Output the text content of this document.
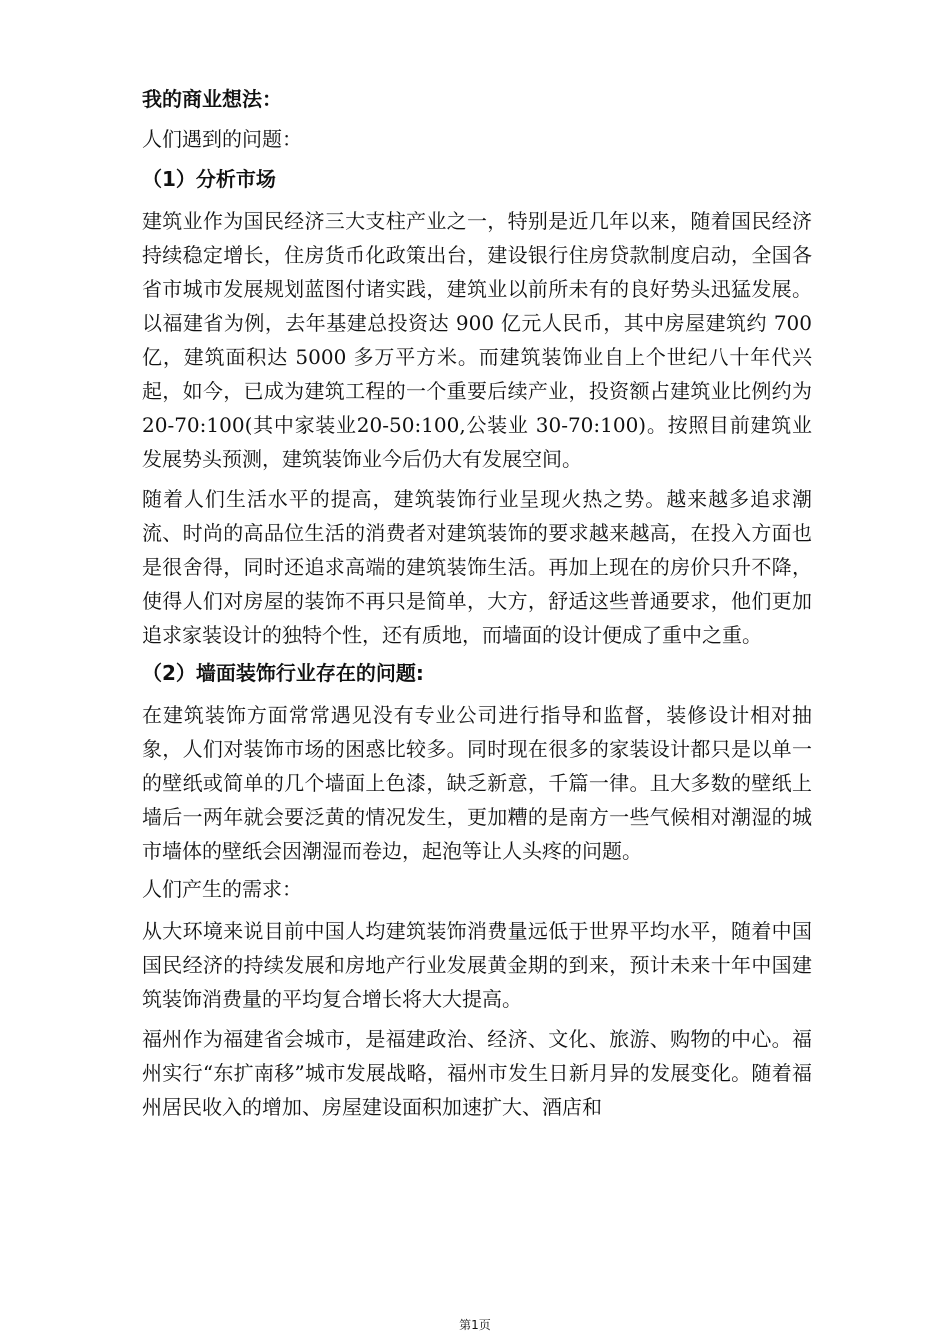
我的商业想法：
人们遇到的问题：
（1）分析市场

建筑业作为国民经济三大支柱产业之一，特别是近几年以来，随着国民经济持续稳定增长，住房货币化政策出台，建设银行住房贷款制度启动，全国各省市城市发展规划蓝图付诸实践，建筑业以前所未有的良好势头迅猛发展。以福建省为例，去年基建总投资达 900 亿元人民币，其中房屋建筑约 700 亿，建筑面积达 5000 多万平方米。而建筑装饰业自上个世纪八十年代兴起，如今，已成为建筑工程的一个重要后续产业，投资额占建筑业比例约为 20-70:100(其中家装业20-50:100,公装业 30-70:100)。按照目前建筑业发展势头预测，建筑装饰业今后仍大有发展空间。

随着人们生活水平的提高，建筑装饰行业呈现火热之势。越来越多追求潮流、时尚的高品位生活的消费者对建筑装饰的要求越来越高，在投入方面也是很舍得，同时还追求高端的建筑装饰生活。再加上现在的房价只升不降，使得人们对房屋的装饰不再只是简单，大方，舒适这些普通要求，他们更加追求家装设计的独特个性，还有质地，而墙面的设计便成了重中之重。

（2）墙面装饰行业存在的问题:

在建筑装饰方面常常遇见没有专业公司进行指导和监督，装修设计相对抽象，人们对装饰市场的困惑比较多。同时现在很多的家装设计都只是以单一的壁纸或简单的几个墙面上色漆，缺乏新意，千篇一律。且大多数的壁纸上墙后一两年就会要泛黄的情况发生，更加糟的是南方一些气候相对潮湿的城市墙体的壁纸会因潮湿而卷边，起泡等让人头疼的问题。

人们产生的需求：

从大环境来说目前中国人均建筑装饰消费量远低于世界平均水平，随着中国国民经济的持续发展和房地产行业发展黄金期的到来，预计未来十年中国建筑装饰消费量的平均复合增长将大大提高。

福州作为福建省会城市，是福建政治、经济、文化、旅游、购物的中心。福州实行“东扩南移”城市发展战略，福州市发生日新月异的发展变化。随着福州居民收入的增加、房屋建设面积加速扩大、酒店和

第1页
